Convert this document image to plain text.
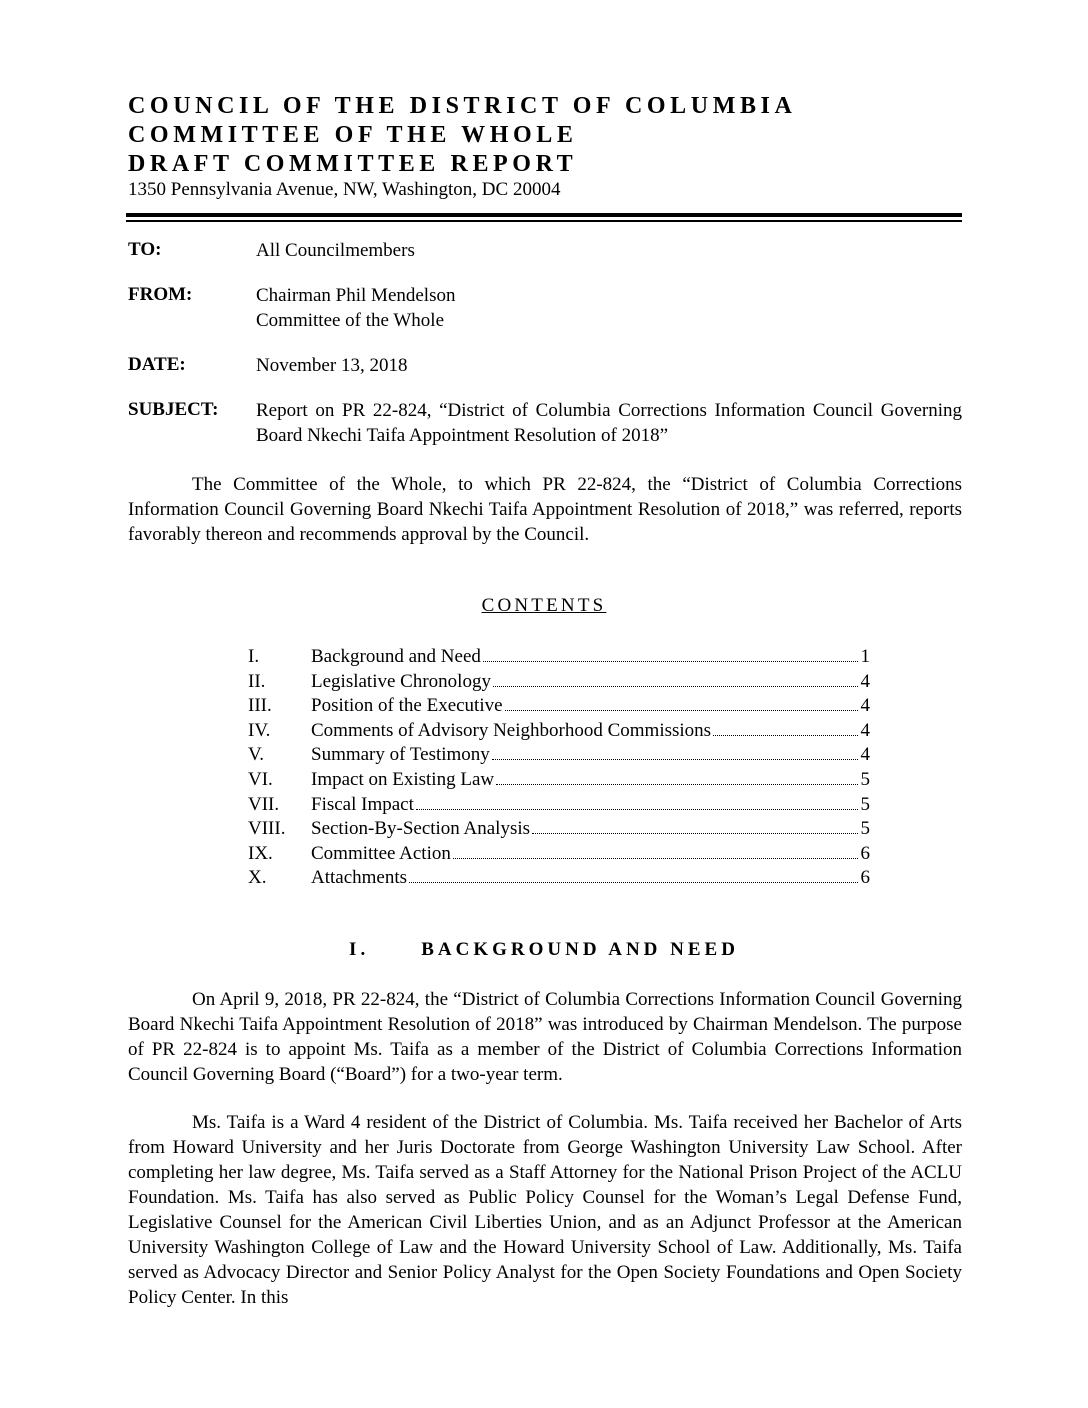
COUNCIL OF THE DISTRICT OF COLUMBIA
COMMITTEE OF THE WHOLE
DRAFT COMMITTEE REPORT
1350 Pennsylvania Avenue, NW, Washington, DC 20004
TO:	All Councilmembers
FROM:	Chairman Phil Mendelson
Committee of the Whole
DATE:	November 13, 2018
SUBJECT: Report on PR 22-824, “District of Columbia Corrections Information Council Governing Board Nkechi Taifa Appointment Resolution of 2018”
The Committee of the Whole, to which PR 22-824, the “District of Columbia Corrections Information Council Governing Board Nkechi Taifa Appointment Resolution of 2018,” was referred, reports favorably thereon and recommends approval by the Council.
CONTENTS
I.	Background and Need	1
II.	Legislative Chronology	4
III.	Position of the Executive	4
IV.	Comments of Advisory Neighborhood Commissions	4
V.	Summary of Testimony	4
VI.	Impact on Existing Law	5
VII.	Fiscal Impact	5
VIII.	Section-By-Section Analysis	5
IX.	Committee Action	6
X.	Attachments	6
I.	BACKGROUND AND NEED
On April 9, 2018, PR 22-824, the “District of Columbia Corrections Information Council Governing Board Nkechi Taifa Appointment Resolution of 2018” was introduced by Chairman Mendelson. The purpose of PR 22-824 is to appoint Ms. Taifa as a member of the District of Columbia Corrections Information Council Governing Board (“Board”) for a two-year term.
Ms. Taifa is a Ward 4 resident of the District of Columbia. Ms. Taifa received her Bachelor of Arts from Howard University and her Juris Doctorate from George Washington University Law School. After completing her law degree, Ms. Taifa served as a Staff Attorney for the National Prison Project of the ACLU Foundation. Ms. Taifa has also served as Public Policy Counsel for the Woman’s Legal Defense Fund, Legislative Counsel for the American Civil Liberties Union, and as an Adjunct Professor at the American University Washington College of Law and the Howard University School of Law. Additionally, Ms. Taifa served as Advocacy Director and Senior Policy Analyst for the Open Society Foundations and Open Society Policy Center. In this
